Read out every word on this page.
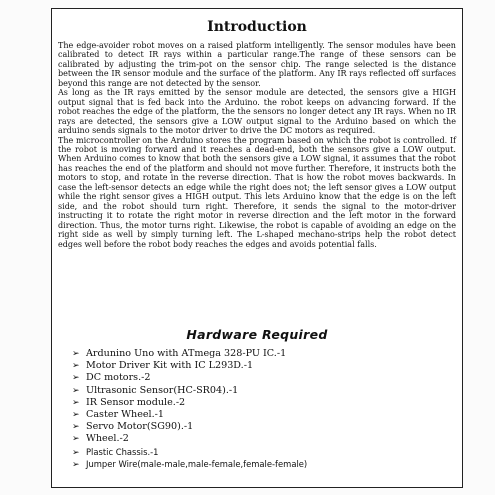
Introduction

The edge-avoider robot moves on a raised platform intelligently. The sensor modules have been calibrated to detect IR rays within a particular range.The range of these sensors can be calibrated by adjusting the trim-pot on the sensor chip. The range selected is the distance between the IR sensor module and the surface of the platform. Any IR rays reflected off surfaces beyond this range are not detected by the sensor.

As long as the IR rays emitted by the sensor module are detected, the sensors give a HIGH output signal that is fed back into the Arduino. the robot keeps on advancing forward. If the robot reaches the edge of the platform, the the sensors no longer detect any IR rays. When no IR rays are detected, the sensors give a LOW output signal to the Arduino based on which the arduino sends signals to the motor driver to drive the DC motors as required.

The microcontroller on the Arduino stores the program based on which the robot is controlled. If the robot is moving forward and it reaches a dead-end, both the sensors give a LOW output. When Arduino comes to know that both the sensors give a LOW signal, it assumes that the robot has reaches the end of the platform and should not move further. Therefore, it instructs both the motors to stop, and rotate in the reverse direction. That is how the robot moves backwards. In case the left-sensor detects an edge while the right does not; the left sensor gives a LOW output while the right sensor gives a HIGH output. This lets Arduino know that the edge is on the left side, and the robot should turn right. Therefore, it sends the signal to the motor-driver instructing it to rotate the right motor in reverse direction and the left motor in the forward direction. Thus, the motor turns right. Likewise, the robot is capable of avoiding an edge on the right side as well by simply turning left. The L-shaped mechano-strips help the robot detect edges well before the robot body reaches the edges and avoids potential falls.

Hardware Required
➢ Ardunino Uno with ATmega 328-PU IC.-1
➢ Motor Driver Kit with IC L293D.-1
➢ DC motors.-2
➢ Ultrasonic Sensor(HC-SR04).-1
➢ IR Sensor module.-2
➢ Caster Wheel.-1
➢ Servo Motor(SG90).-1
➢ Wheel.-2
➢ Plastic Chassis.-1
➢ Jumper Wire(male-male,male-female,female-female)
